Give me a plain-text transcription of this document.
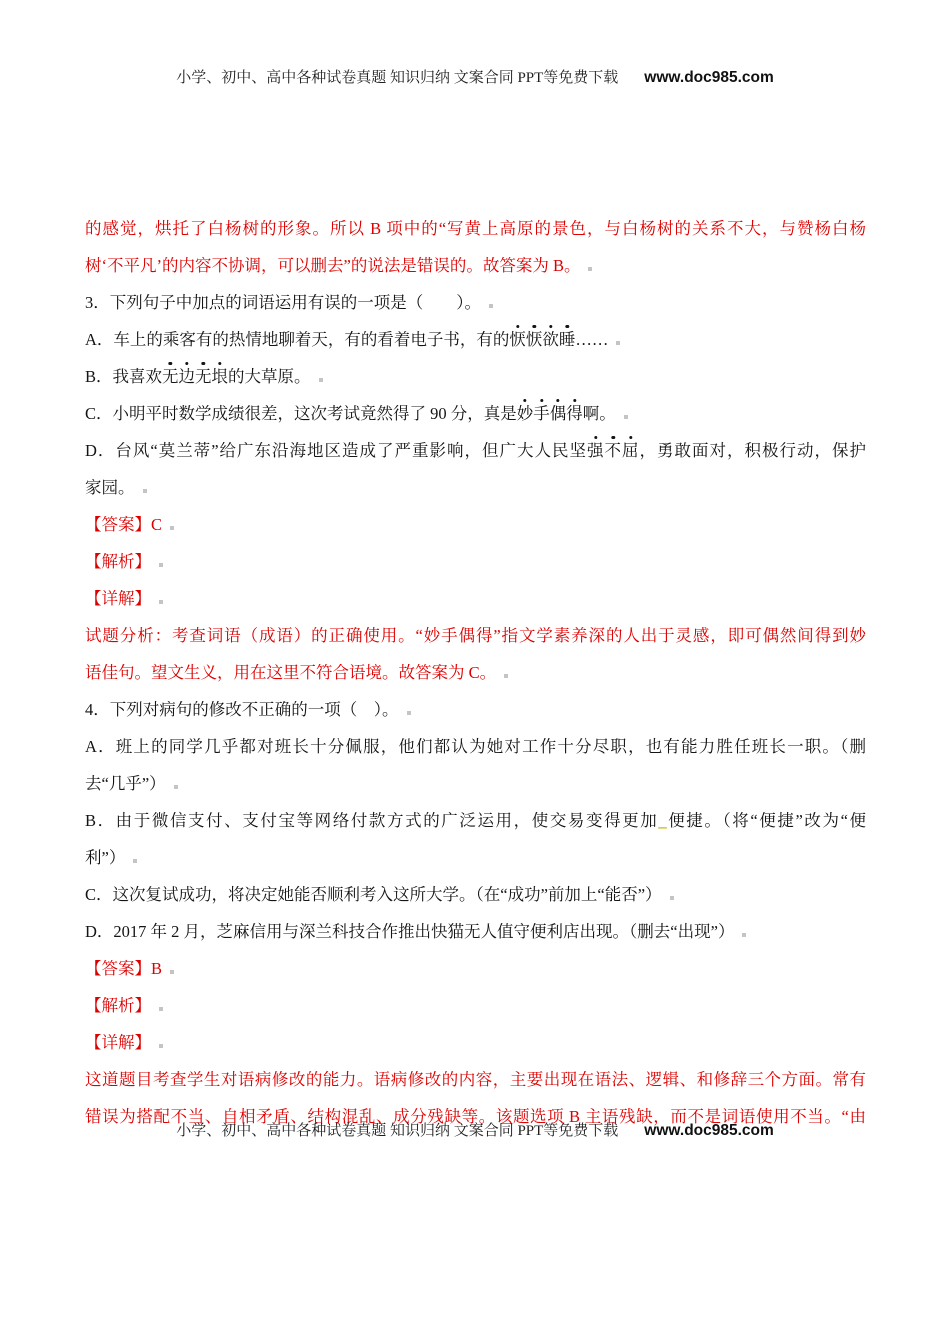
小学、初中、高中各种试卷真题 知识归纳 文案合同 PPT等免费下载 www.doc985.com
的感觉，烘托了白杨树的形象。所以 B 项中的“写黄上高原的景色，与白杨树的关系不大，与赞杨白杨
树‘不平凡’的内容不协调，可以删去”的说法是错误的。故答案为 B。
3．下列句子中加点的词语运用有误的一项是（　　）。
A．车上的乘客有的热情地聊着天，有的看着电子书，有的恹恹欲睡……
B．我喜欢无边无垠的大草原。
C．小明平时数学成绩很差，这次考试竟然得了 90 分，真是妙手偶得啊。
D．台风“莫兰蒂”给广东沿海地区造成了严重影响，但广大人民坚强不屈，勇敢面对，积极行动，保护
家园。
【答案】C
【解析】
【详解】
试题分析：考查词语（成语）的正确使用。“妙手偶得”指文学素养深的人出于灵感，即可偶然间得到妙
语佳句。望文生义，用在这里不符合语境。故答案为 C。
4．下列对病句的修改不正确的一项（　）。
A．班上的同学几乎都对班长十分佩服，他们都认为她对工作十分尽职，也有能力胜任班长一职。（删
去“几乎”）
B．由于微信支付、支付宝等网络付款方式的广泛运用，使交易变得更加_便捷。（将“便捷”改为“便
利”）
C．这次复试成功，将决定她能否顺利考入这所大学。（在“成功”前加上“能否”）
D．2017 年 2 月，芝麻信用与深兰科技合作推出快猫无人值守便利店出现。（删去“出现”）
【答案】B
【解析】
【详解】
这道题目考查学生对语病修改的能力。语病修改的内容，主要出现在语法、逻辑、和修辞三个方面。常有
错误为搭配不当、自相矛盾、结构混乱、成分残缺等。该题选项 B 主语残缺，而不是词语使用不当。“由
小学、初中、高中各种试卷真题 知识归纳 文案合同 PPT等免费下载 www.doc985.com
